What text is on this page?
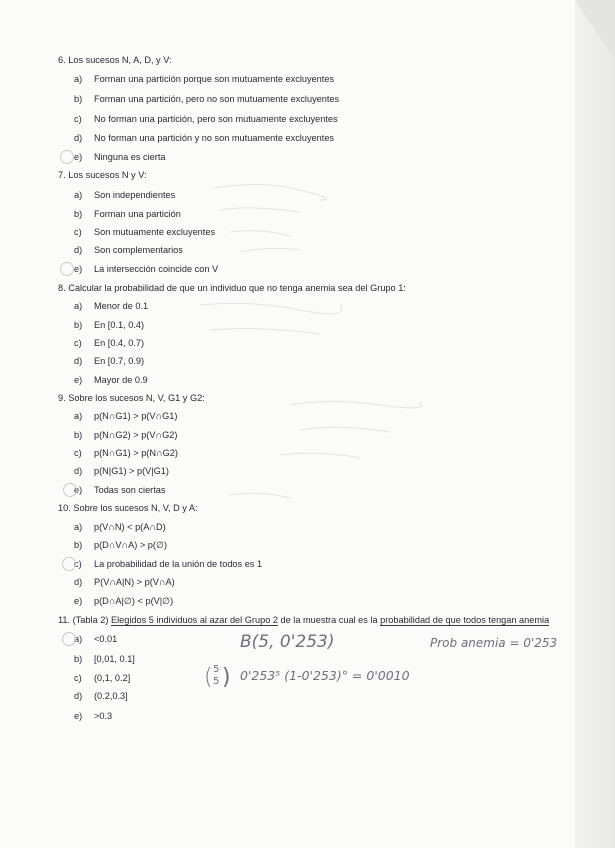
6. Los sucesos N, A, D, y V:
a) Forman una partición porque son mutuamente excluyentes
b) Forman una partición, pero no son mutuamente excluyentes
c) No forman una partición, pero son mutuamente excluyentes
d) No forman una partición y no son mutuamente excluyentes
e) Ninguna es cierta
7. Los sucesos N y V:
a) Son independientes
b) Forman una partición
c) Son mutuamente excluyentes
d) Son complementarios
e) La intersección coincide con V
8. Calcular la probabilidad de que un individuo que no tenga anemia sea del Grupo 1:
a) Menor de 0.1
b) En [0.1, 0.4)
c) En [0.4, 0.7)
d) En [0.7, 0.9)
e) Mayor de 0.9
9. Sobre los sucesos N, V, G1 y G2:
a) p(N∩G1) > p(V∩G1)
b) p(N∩G2) > p(V∩G2)
c) p(N∩G1) > p(N∩G2)
d) p(N|G1) > p(V|G1)
e) Todas son ciertas
10. Sobre los sucesos N, V, D y A:
a) p(V∩N) < p(A∩D)
b) p(D∩V∩A) > p(∅)
c) La probabilidad de la unión de todos es 1
d) P(V∩A|N) > p(V∩A)
e) p(D∩A|∅) < p(V|∅)
11. (Tabla 2) Elegidos 5 individuos al azar del Grupo 2 de la muestra cual es la probabilidad de que todos tengan anemia
a) <0.01
b) [0,01, 0.1]
c) (0,1, 0.2]
d) (0.2,0.3]
e) >0.3
B(5, 0'253)	Prob anemia = 0'253
( 5
5 ) 0'253⁵ (1-0'253)° = 0'0010
